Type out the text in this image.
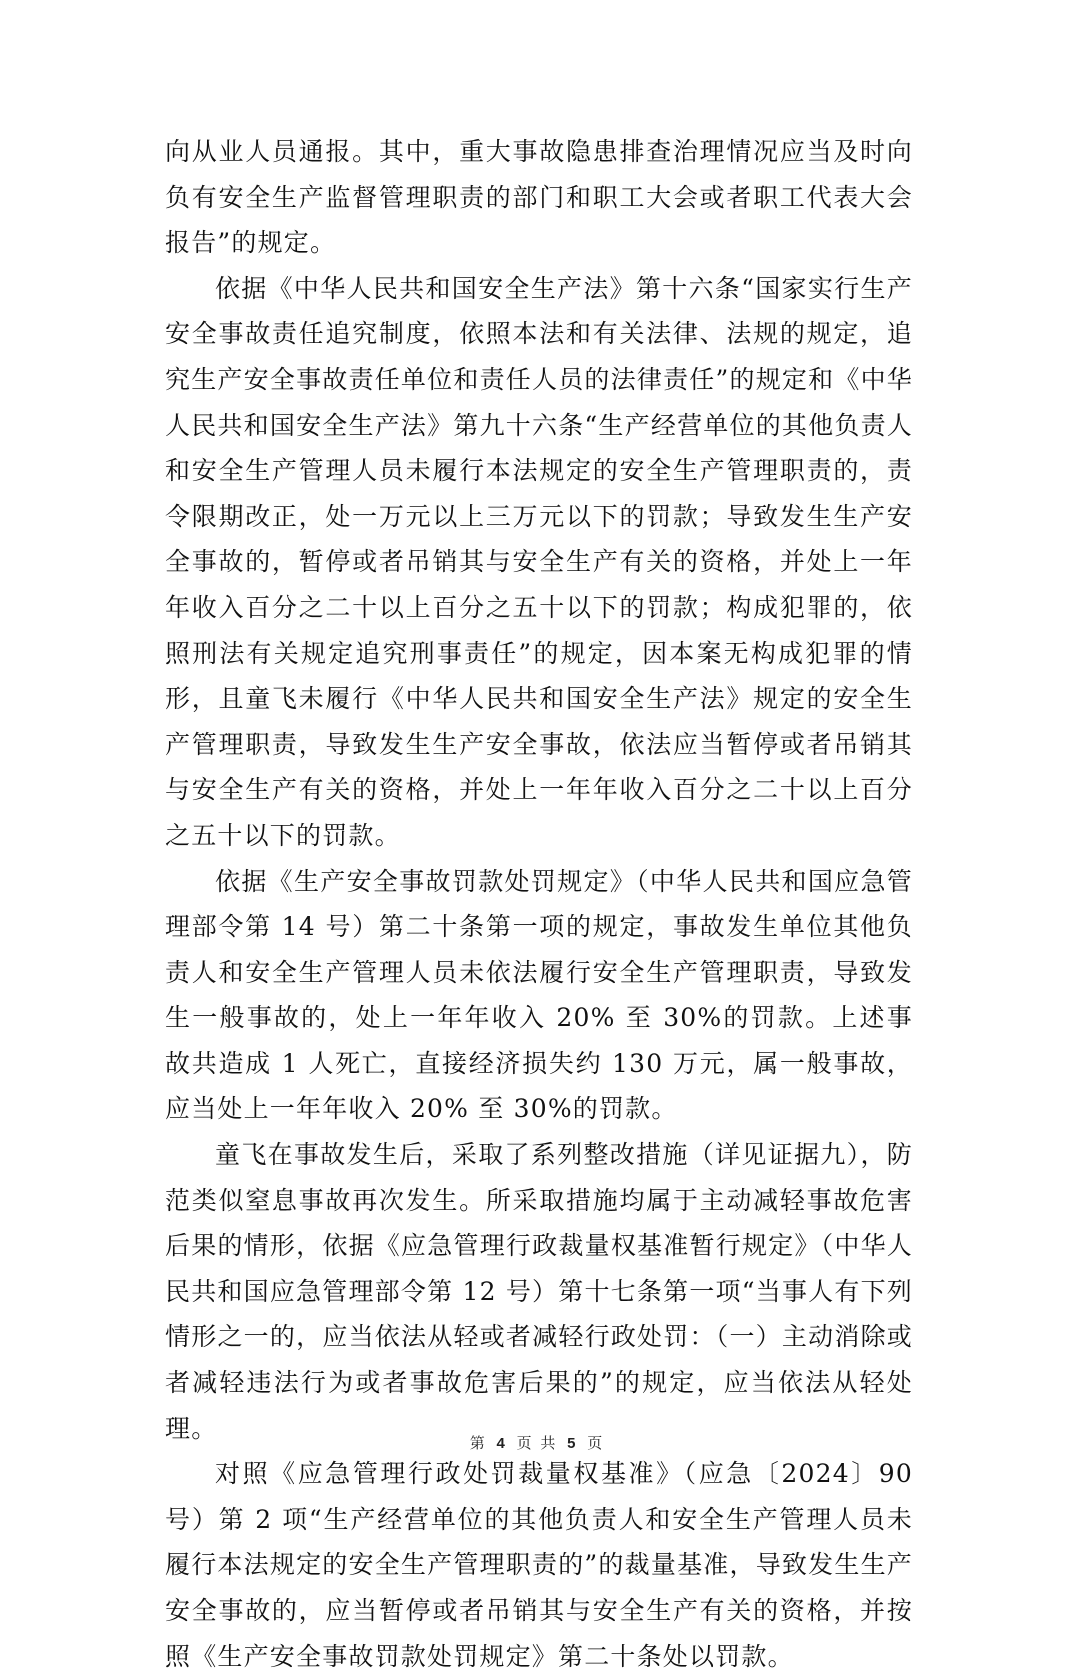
向从业人员通报。其中，重大事故隐患排查治理情况应当及时向负有安全生产监督管理职责的部门和职工大会或者职工代表大会报告”的规定。

依据《中华人民共和国安全生产法》第十六条“国家实行生产安全事故责任追究制度，依照本法和有关法律、法规的规定，追究生产安全事故责任单位和责任人员的法律责任”的规定和《中华人民共和国安全生产法》第九十六条“生产经营单位的其他负责人和安全生产管理人员未履行本法规定的安全生产管理职责的，责令限期改正，处一万元以上三万元以下的罚款；导致发生生产安全事故的，暂停或者吊销其与安全生产有关的资格，并处上一年年收入百分之二十以上百分之五十以下的罚款；构成犯罪的，依照刑法有关规定追究刑事责任”的规定，因本案无构成犯罪的情形，且童飞未履行《中华人民共和国安全生产法》规定的安全生产管理职责，导致发生生产安全事故，依法应当暂停或者吊销其与安全生产有关的资格，并处上一年年收入百分之二十以上百分之五十以下的罚款。

依据《生产安全事故罚款处罚规定》（中华人民共和国应急管理部令第 14 号）第二十条第一项的规定，事故发生单位其他负责人和安全生产管理人员未依法履行安全生产管理职责，导致发生一般事故的，处上一年年收入 20% 至 30%的罚款。上述事故共造成 1 人死亡，直接经济损失约 130 万元，属一般事故，应当处上一年年收入 20% 至 30%的罚款。

童飞在事故发生后，采取了系列整改措施（详见证据九），防范类似窒息事故再次发生。所采取措施均属于主动减轻事故危害后果的情形，依据《应急管理行政裁量权基准暂行规定》（中华人民共和国应急管理部令第 12 号）第十七条第一项“当事人有下列情形之一的，应当依法从轻或者减轻行政处罚：（一）主动消除或者减轻违法行为或者事故危害后果的”的规定，应当依法从轻处理。

对照《应急管理行政处罚裁量权基准》（应急〔2024〕90 号）第 2 项“生产经营单位的其他负责人和安全生产管理人员未履行本法规定的安全生产管理职责的”的裁量基准，导致发生生产安全事故的，应当暂停或者吊销其与安全生产有关的资格，并按照《生产安全事故罚款处罚规定》第二十条处以罚款。

第 4 页 共 5 页
